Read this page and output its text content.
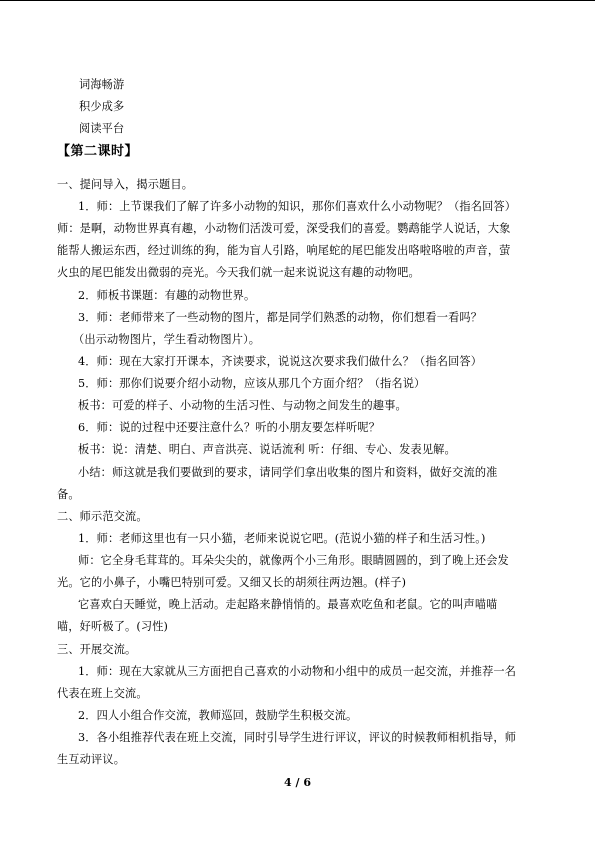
词海畅游
积少成多
阅读平台
【第二课时】
一、提问导入，揭示题目。
1．师：上节课我们了解了许多小动物的知识，那你们喜欢什么小动物呢？（指名回答）
师：是啊，动物世界真有趣，小动物们活泼可爱，深受我们的喜爱。鹦鹉能学人说话，大象
能帮人搬运东西，经过训练的狗，能为盲人引路，响尾蛇的尾巴能发出咯啦咯啦的声音，萤
火虫的尾巴能发出微弱的亮光。今天我们就一起来说说这有趣的动物吧。
2．师板书课题：有趣的动物世界。
3．师：老师带来了一些动物的图片，都是同学们熟悉的动物，你们想看一看吗？
（出示动物图片，学生看动物图片）。
4．师：现在大家打开课本，齐读要求，说说这次要求我们做什么？（指名回答）
5．师：那你们说要介绍小动物，应该从那几个方面介绍？（指名说）
板书：可爱的样子、小动物的生活习性、与动物之间发生的趣事。
6．师：说的过程中还要注意什么？听的小朋友要怎样听呢？
板书：说：清楚、明白、声音洪亮、说话流利 听：仔细、专心、发表见解。
小结：师这就是我们要做到的要求，请同学们拿出收集的图片和资料，做好交流的准
备。
二、师示范交流。
1．师：老师这里也有一只小猫，老师来说说它吧。(范说小猫的样子和生活习性。)
师：它全身毛茸茸的。耳朵尖尖的，就像两个小三角形。眼睛圆圆的，到了晚上还会发
光。它的小鼻子，小嘴巴特别可爱。又细又长的胡须往两边翘。(样子)
它喜欢白天睡觉，晚上活动。走起路来静悄悄的。最喜欢吃鱼和老鼠。它的叫声喵喵
喵，好听极了。(习性)
三、开展交流。
1．师：现在大家就从三方面把自己喜欢的小动物和小组中的成员一起交流，并推荐一名
代表在班上交流。
2．四人小组合作交流，教师巡回，鼓励学生积极交流。
3．各小组推荐代表在班上交流，同时引导学生进行评议，评议的时候教师相机指导，师
生互动评议。
4 / 6
